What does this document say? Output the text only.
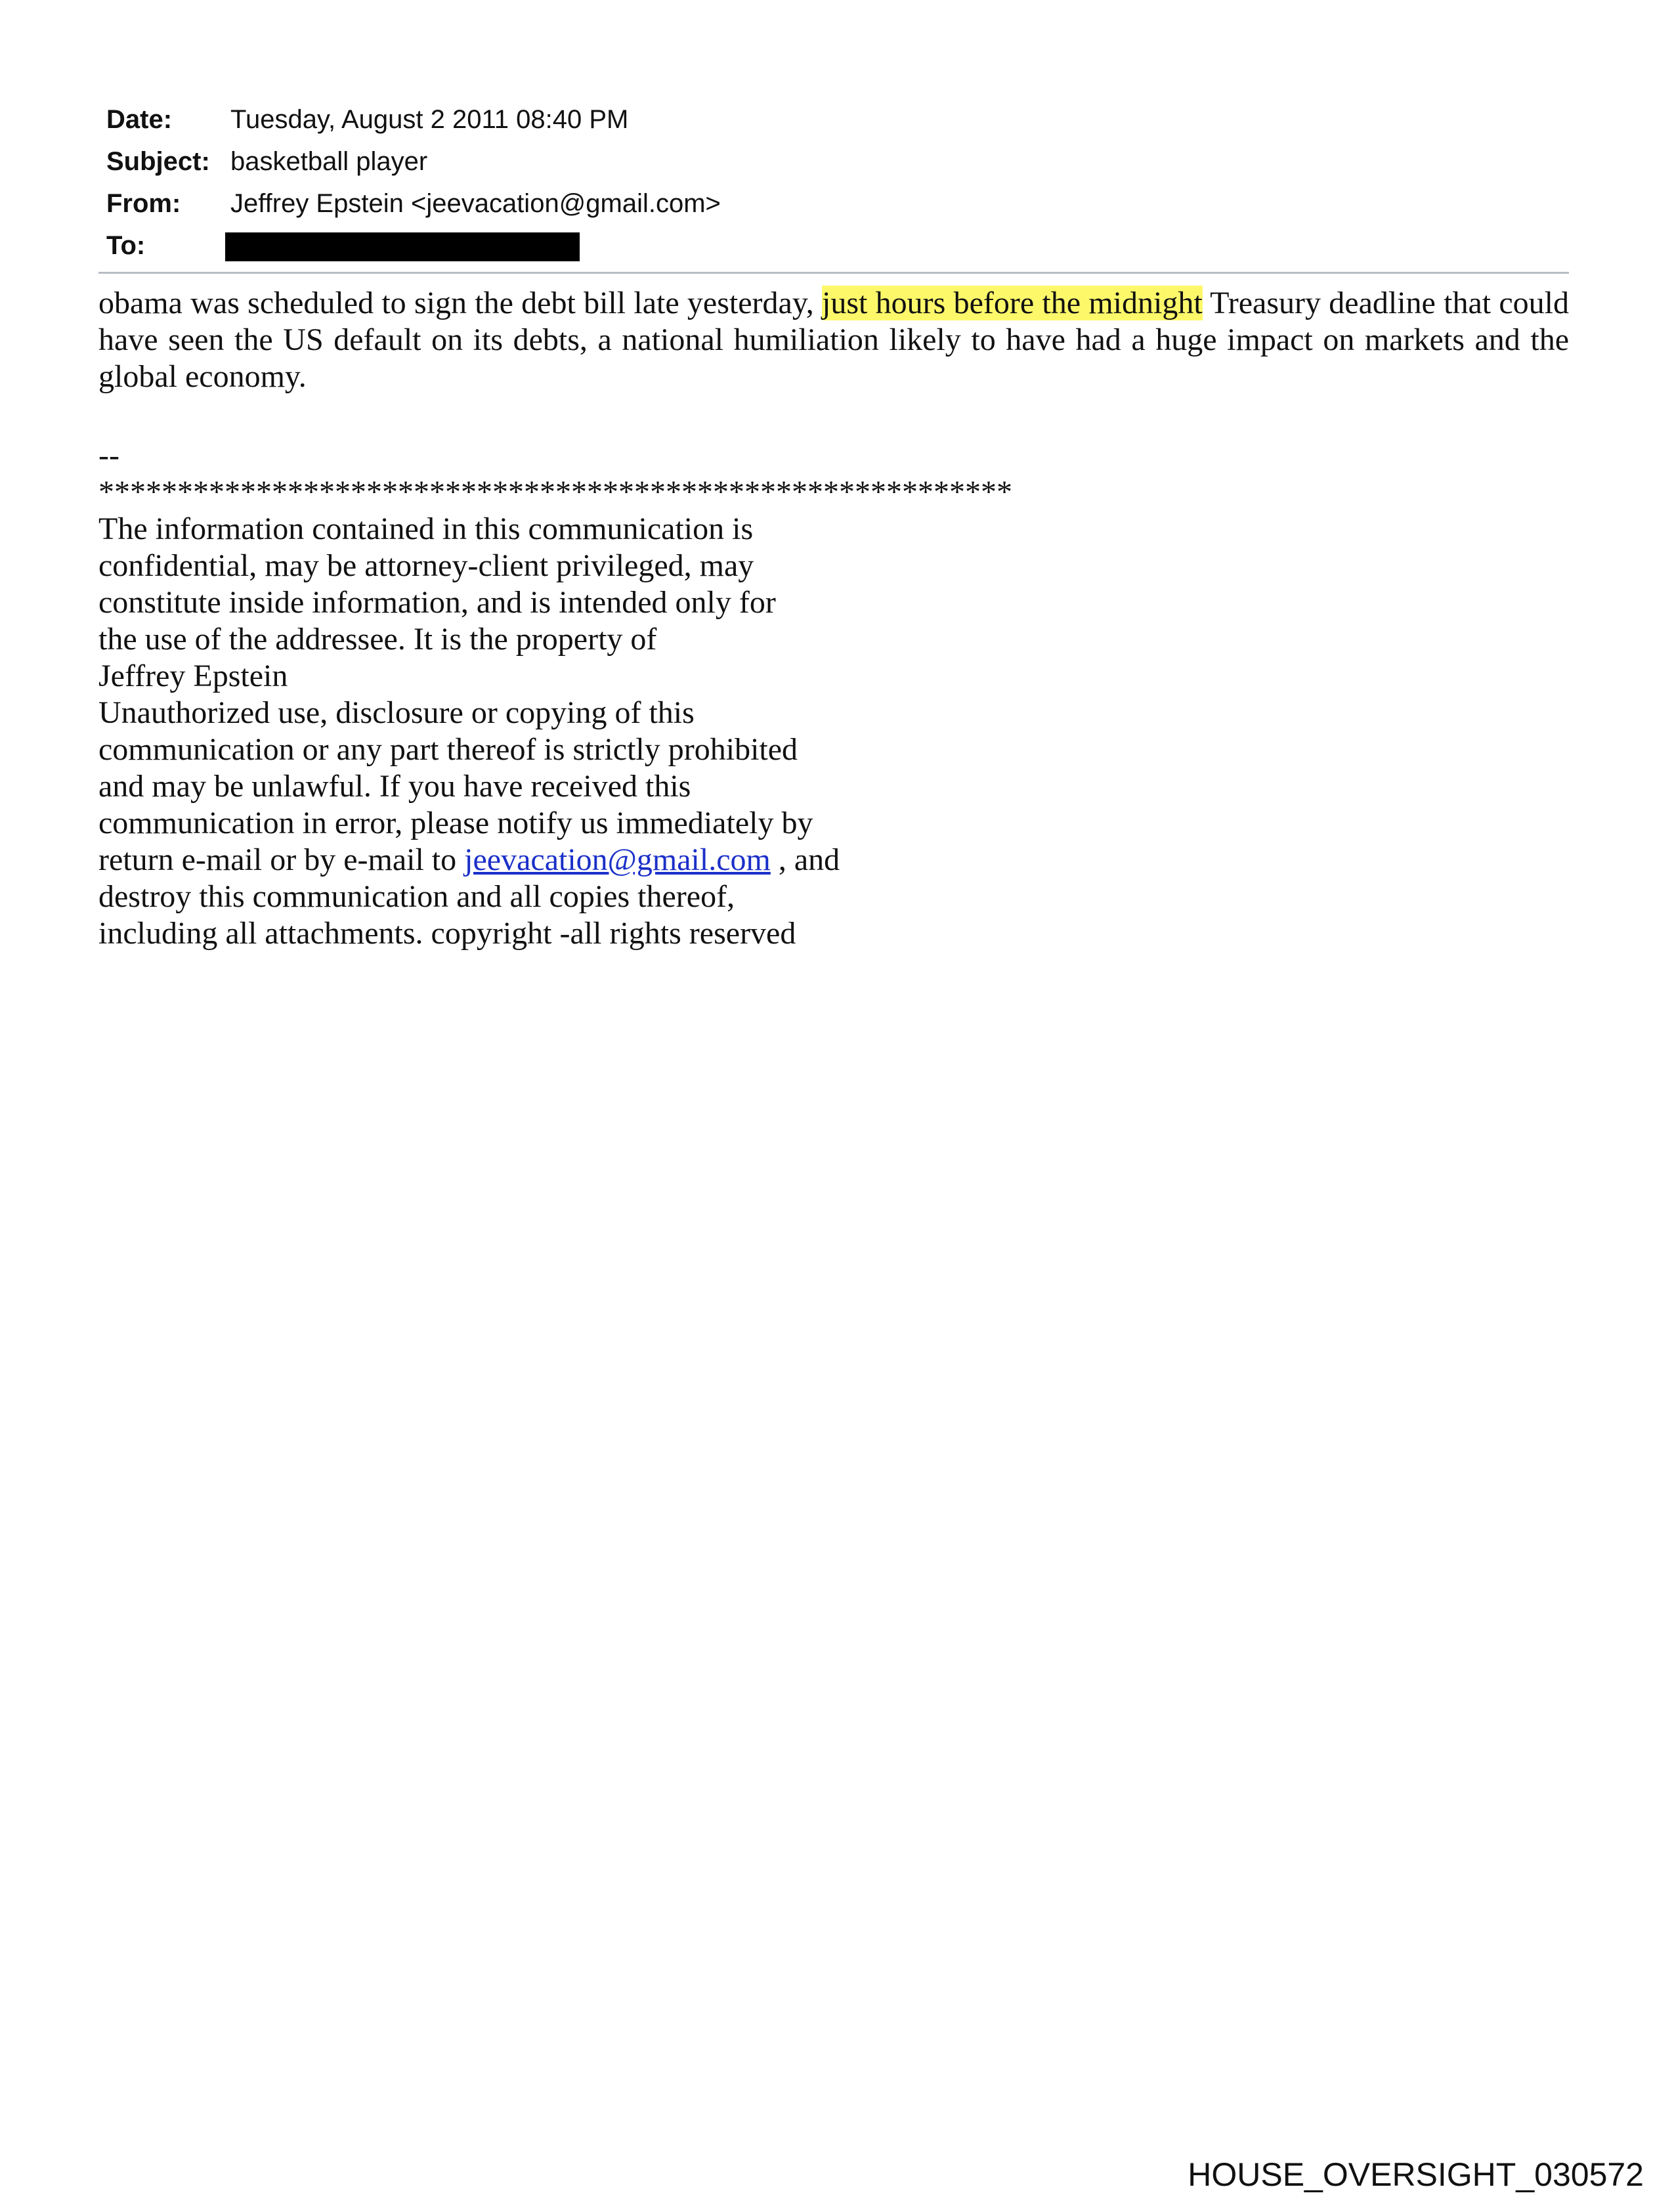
Date: Tuesday, August 2 2011 08:40 PM
Subject: basketball player
From: Jeffrey Epstein <jeevacation@gmail.com>
To:

obama was scheduled to sign the debt bill late yesterday, just hours before the midnight Treasury deadline that could have seen the US default on its debts, a national humiliation likely to have had a huge impact on markets and the global economy.

--
**********************************************************
The information contained in this communication is
confidential, may be attorney-client privileged, may
constitute inside information, and is intended only for
the use of the addressee. It is the property of
Jeffrey Epstein
Unauthorized use, disclosure or copying of this
communication or any part thereof is strictly prohibited
and may be unlawful. If you have received this
communication in error, please notify us immediately by
return e-mail or by e-mail to jeevacation@gmail.com , and
destroy this communication and all copies thereof,
including all attachments. copyright -all rights reserved
HOUSE_OVERSIGHT_030572
